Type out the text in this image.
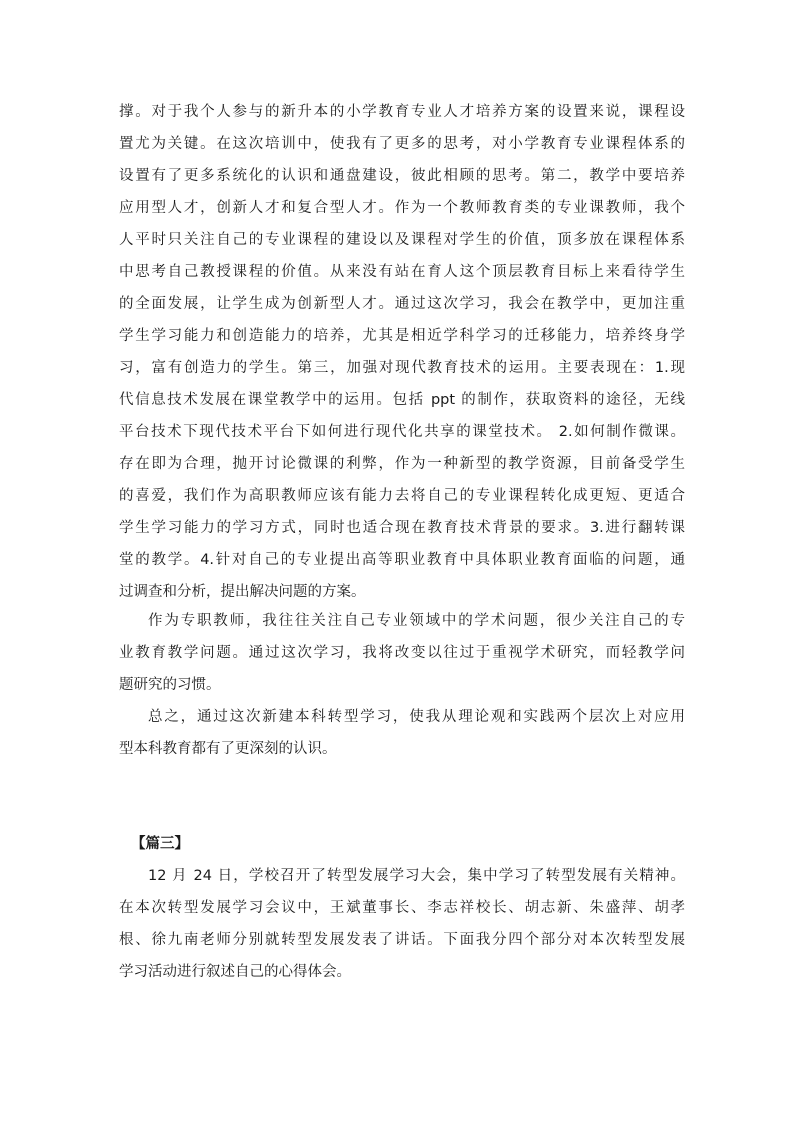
撑。对于我个人参与的新升本的小学教育专业人才培养方案的设置来说，课程设
置尤为关键。在这次培训中，使我有了更多的思考，对小学教育专业课程体系的
设置有了更多系统化的认识和通盘建设，彼此相顾的思考。第二，教学中要培养
应用型人才，创新人才和复合型人才。作为一个教师教育类的专业课教师，我个
人平时只关注自己的专业课程的建设以及课程对学生的价值，顶多放在课程体系
中思考自己教授课程的价值。从来没有站在育人这个顶层教育目标上来看待学生
的全面发展，让学生成为创新型人才。通过这次学习，我会在教学中，更加注重
学生学习能力和创造能力的培养，尤其是相近学科学习的迁移能力，培养终身学
习，富有创造力的学生。第三，加强对现代教育技术的运用。主要表现在：1.现
代信息技术发展在课堂教学中的运用。包括 ppt 的制作，获取资料的途径，无线
平台技术下现代技术平台下如何进行现代化共享的课堂技术。 2.如何制作微课。
存在即为合理，抛开讨论微课的利弊，作为一种新型的教学资源，目前备受学生
的喜爱，我们作为高职教师应该有能力去将自己的专业课程转化成更短、更适合
学生学习能力的学习方式，同时也适合现在教育技术背景的要求。3.进行翻转课
堂的教学。4.针对自己的专业提出高等职业教育中具体职业教育面临的问题，通
过调查和分析，提出解决问题的方案。
作为专职教师，我往往关注自己专业领域中的学术问题，很少关注自己的专
业教育教学问题。通过这次学习，我将改变以往过于重视学术研究，而轻教学问
题研究的习惯。
总之，通过这次新建本科转型学习，使我从理论观和实践两个层次上对应用
型本科教育都有了更深刻的认识。
【篇三】
12 月 24 日，学校召开了转型发展学习大会，集中学习了转型发展有关精神。
在本次转型发展学习会议中，王斌董事长、李志祥校长、胡志新、朱盛萍、胡孝
根、徐九南老师分别就转型发展发表了讲话。下面我分四个部分对本次转型发展
学习活动进行叙述自己的心得体会。
